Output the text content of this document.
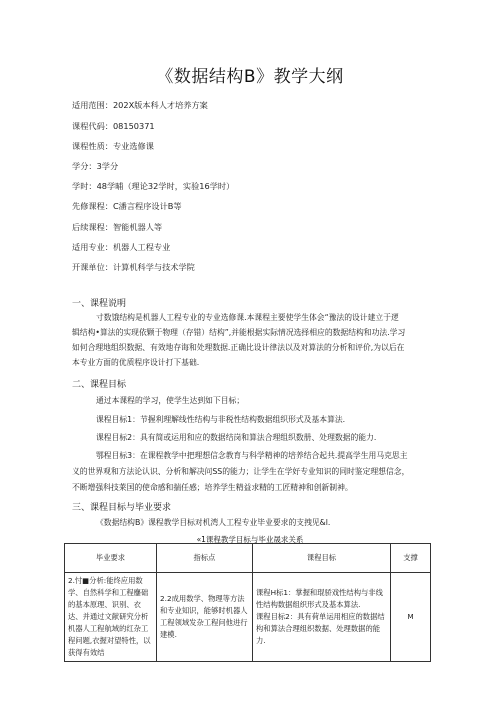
《数据结构B》教学大纲
适用范围：202X版本科人才培养方案
课程代码：08150371
课程性质：专业选修课
学分：3学分
学时：48学晡（理论32学时，实验16学时）
先修课程：C潘言程序设计B等
后续课程：智能机器人等
适用专业：机器人工程专业
开课单位：计算机科学与技术学院
一、课程说明
寸数饿结构是机器人工程专业的专业选修课.本课程主要使学生体会“豫法的设计建立于逻
辑结构•算法的实现依颗于物理（存错）结构”,并能根据实际情况选择相应的数据结构和功法.学习
如何合理地组织数据、有效地存诲和处理数据.正确比设计律法以及对算法的分析和评价,为以后在
本专业方面的优质程序设计打下基础.
二、课程目标
通过本课程的学习，使学生达到如下目标；
课程目标1：节握利理解线性结构与非税性结构数据组织形式及基本算法.
课程目标2：具有简或运用和应的数据结岗和算法合理组织数册、处理数据的能力.
鄂程目标3：在课程教学中把理想信念教育与科学精神的培养结合起共.提高学生用马克思主
义的世界观和方法论认识、分析和解决问SS的能力；让学生在学好专业知识的同时鉴定理想信念，
不断增强科技莱国的使命感和揣任感；培养学生精益求精的工匠精神和创新制神。
三、课程目标与毕业要求
《数据结构B》课程教学目标对机湾人工程专业毕业要求的支拽见&l.
«1课程教学目标与毕业晟求关系
毕业要求	指标点	课程目标	支撑
2.忖■分析:能终应用数学、自然科学和工程鏖础的基本原理、识别、衣达、并通过文献研究分析机器人工程航域的红杂工程问题,衣握对望特性，以获得有效结	2.2成用数学、物理等方法和专业知识，能够时机器人工程领域发杂工程问他进行建模.	课程H标1：掌握和琨骄戏性结构与非线性结构数据组织形式及基本算法.
课程目标2：具有荷单运用相应的数据结构和算法合理组织数据、处理数据的能力.	M
